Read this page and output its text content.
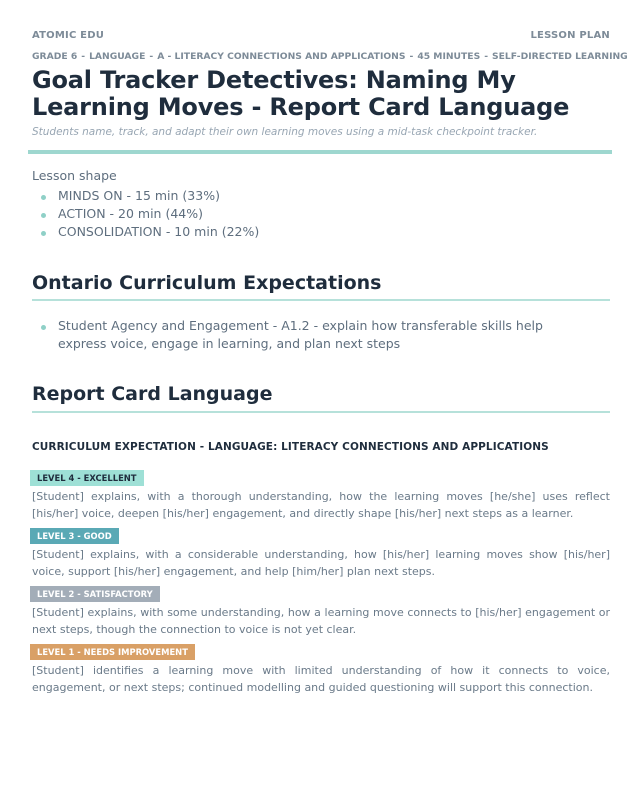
ATOMIC EDU	LESSON PLAN
GRADE 6 - LANGUAGE - A - LITERACY CONNECTIONS AND APPLICATIONS - 45 MINUTES - SELF-DIRECTED LEARNING
Goal Tracker Detectives: Naming My Learning Moves - Report Card Language

Students name, track, and adapt their own learning moves using a mid-task checkpoint tracker.

Lesson shape
MINDS ON - 15 min (33%)
ACTION - 20 min (44%)
CONSOLIDATION - 10 min (22%)
Ontario Curriculum Expectations
Student Agency and Engagement - A1.2 - explain how transferable skills help express voice, engage in learning, and plan next steps
Report Card Language
CURRICULUM EXPECTATION - LANGUAGE: LITERACY CONNECTIONS AND APPLICATIONS
LEVEL 4 - EXCELLENT

[Student] explains, with a thorough understanding, how the learning moves [he/she] uses reflect [his/her] voice, deepen [his/her] engagement, and directly shape [his/her] next steps as a learner.

LEVEL 3 - GOOD

[Student] explains, with a considerable understanding, how [his/her] learning moves show [his/her] voice, support [his/her] engagement, and help [him/her] plan next steps.

LEVEL 2 - SATISFACTORY

[Student] explains, with some understanding, how a learning move connects to [his/her] engagement or next steps, though the connection to voice is not yet clear.

LEVEL 1 - NEEDS IMPROVEMENT

[Student] identifies a learning move with limited understanding of how it connects to voice, engagement, or next steps; continued modelling and guided questioning will support this connection.
